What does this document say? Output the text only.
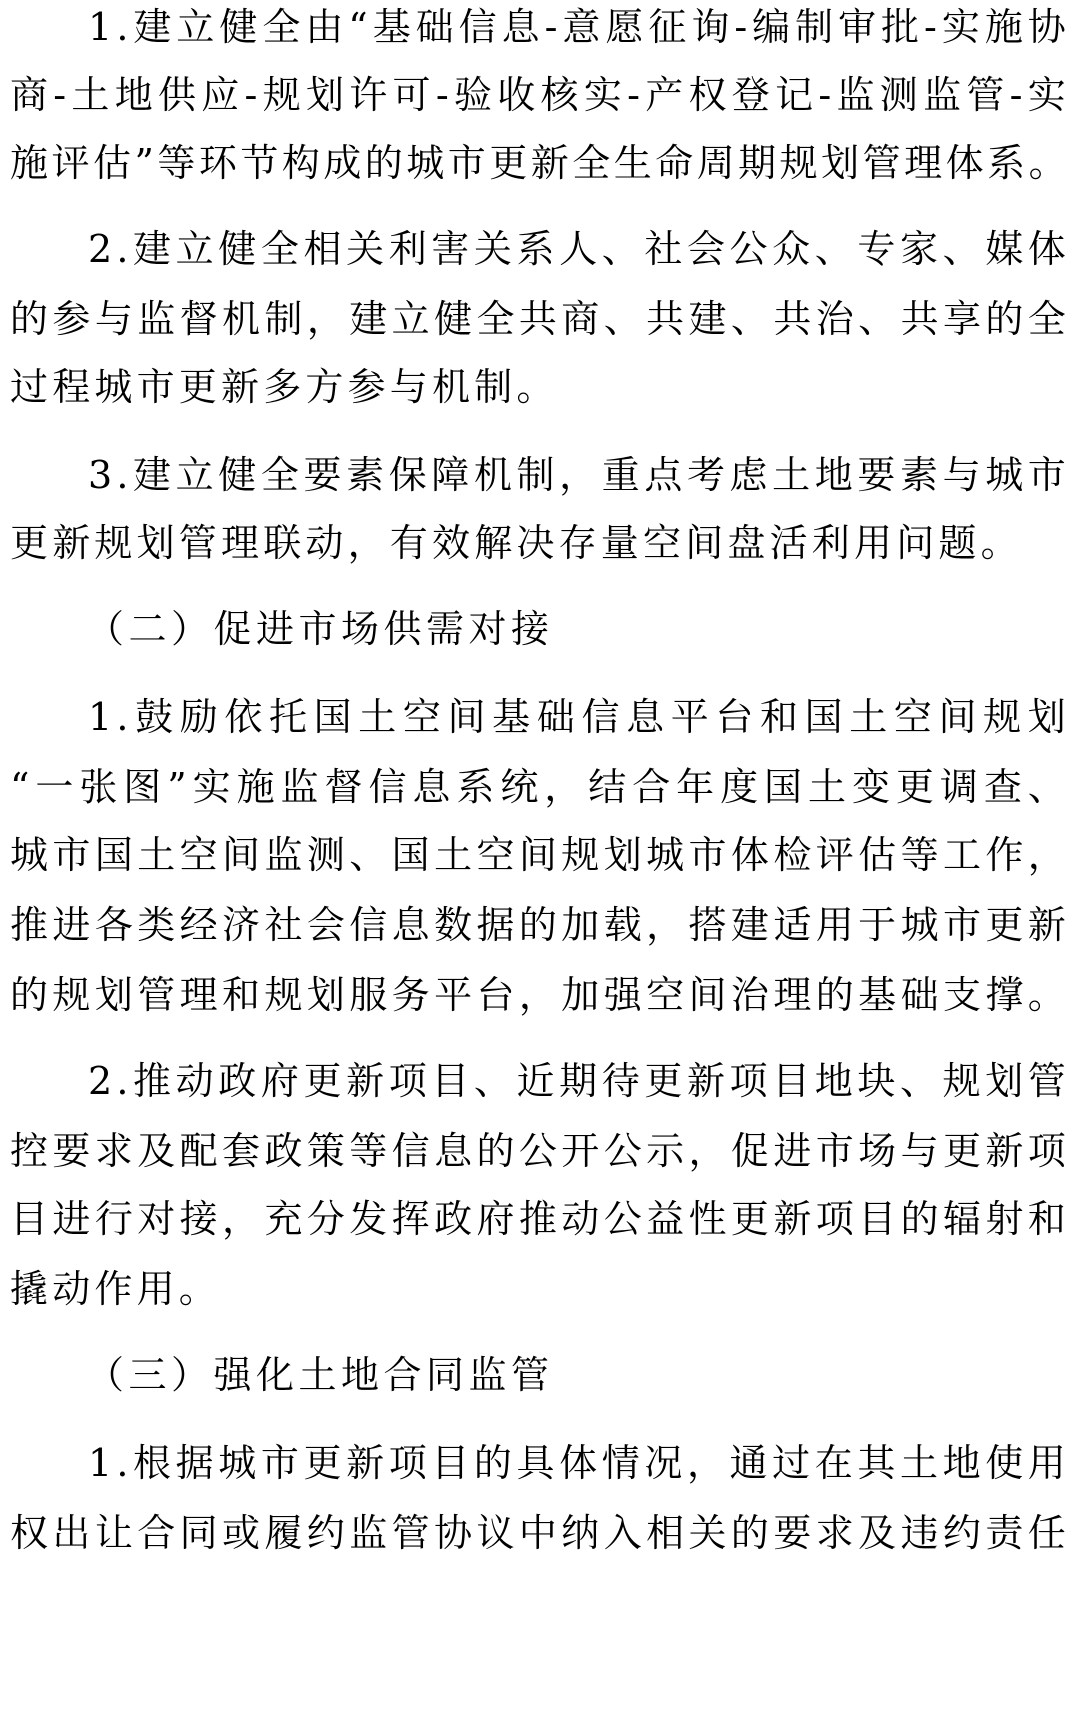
1.建立健全由“基础信息-意愿征询-编制审批-实施协
商-土地供应-规划许可-验收核实-产权登记-监测监管-实
施评估”等环节构成的城市更新全生命周期规划管理体系。
2.建立健全相关利害关系人、社会公众、专家、媒体
的参与监督机制，建立健全共商、共建、共治、共享的全
过程城市更新多方参与机制。
3.建立健全要素保障机制，重点考虑土地要素与城市
更新规划管理联动，有效解决存量空间盘活利用问题。
（二）促进市场供需对接
1.鼓励依托国土空间基础信息平台和国土空间规划
“一张图”实施监督信息系统，结合年度国土变更调查、
城市国土空间监测、国土空间规划城市体检评估等工作，
推进各类经济社会信息数据的加载，搭建适用于城市更新
的规划管理和规划服务平台，加强空间治理的基础支撑。
2.推动政府更新项目、近期待更新项目地块、规划管
控要求及配套政策等信息的公开公示，促进市场与更新项
目进行对接，充分发挥政府推动公益性更新项目的辐射和
撬动作用。
（三）强化土地合同监管
1.根据城市更新项目的具体情况，通过在其土地使用
权出让合同或履约监管协议中纳入相关的要求及违约责任
